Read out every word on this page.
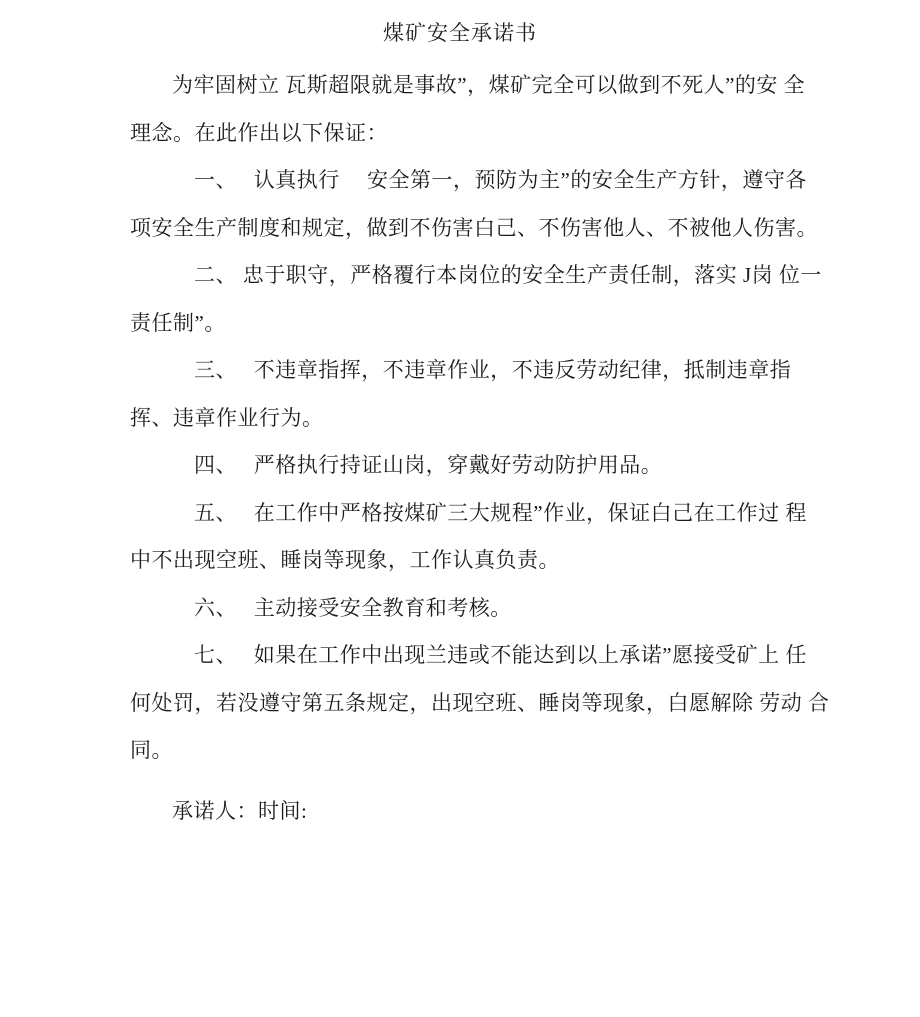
煤矿安全承诺书
为牢固树立 瓦斯超限就是事故”，煤矿完全可以做到不死人”的安 全
理念。在此作出以下保证：
一、　 认真执行　 安全第一，预防为主”的安全生产方针，遵守各
项安全生产制度和规定，做到不伤害白己、不伤害他人、不被他人伤害。
二、 忠于职守，严格覆行本岗位的安全生产责任制，落实 J岗 位一
责任制”。
三、　 不违章指挥，不违章作业，不违反劳动纪律，抵制违章指
挥、违章作业行为。
四、　 严格执行持证山岗，穿戴好劳动防护用品。
五、　 在工作中严格按煤矿三大规程”作业，保证白己在工作过 程
中不出现空班、睡岗等现象，工作认真负责。
六、　 主动接受安全教育和考核。
七、　 如果在工作中出现兰违或不能达到以上承诺”愿接受矿上 任
何处罚，若没遵守第五条规定，出现空班、睡岗等现象，白愿解除 劳动 合
同。
承诺人：时间:
